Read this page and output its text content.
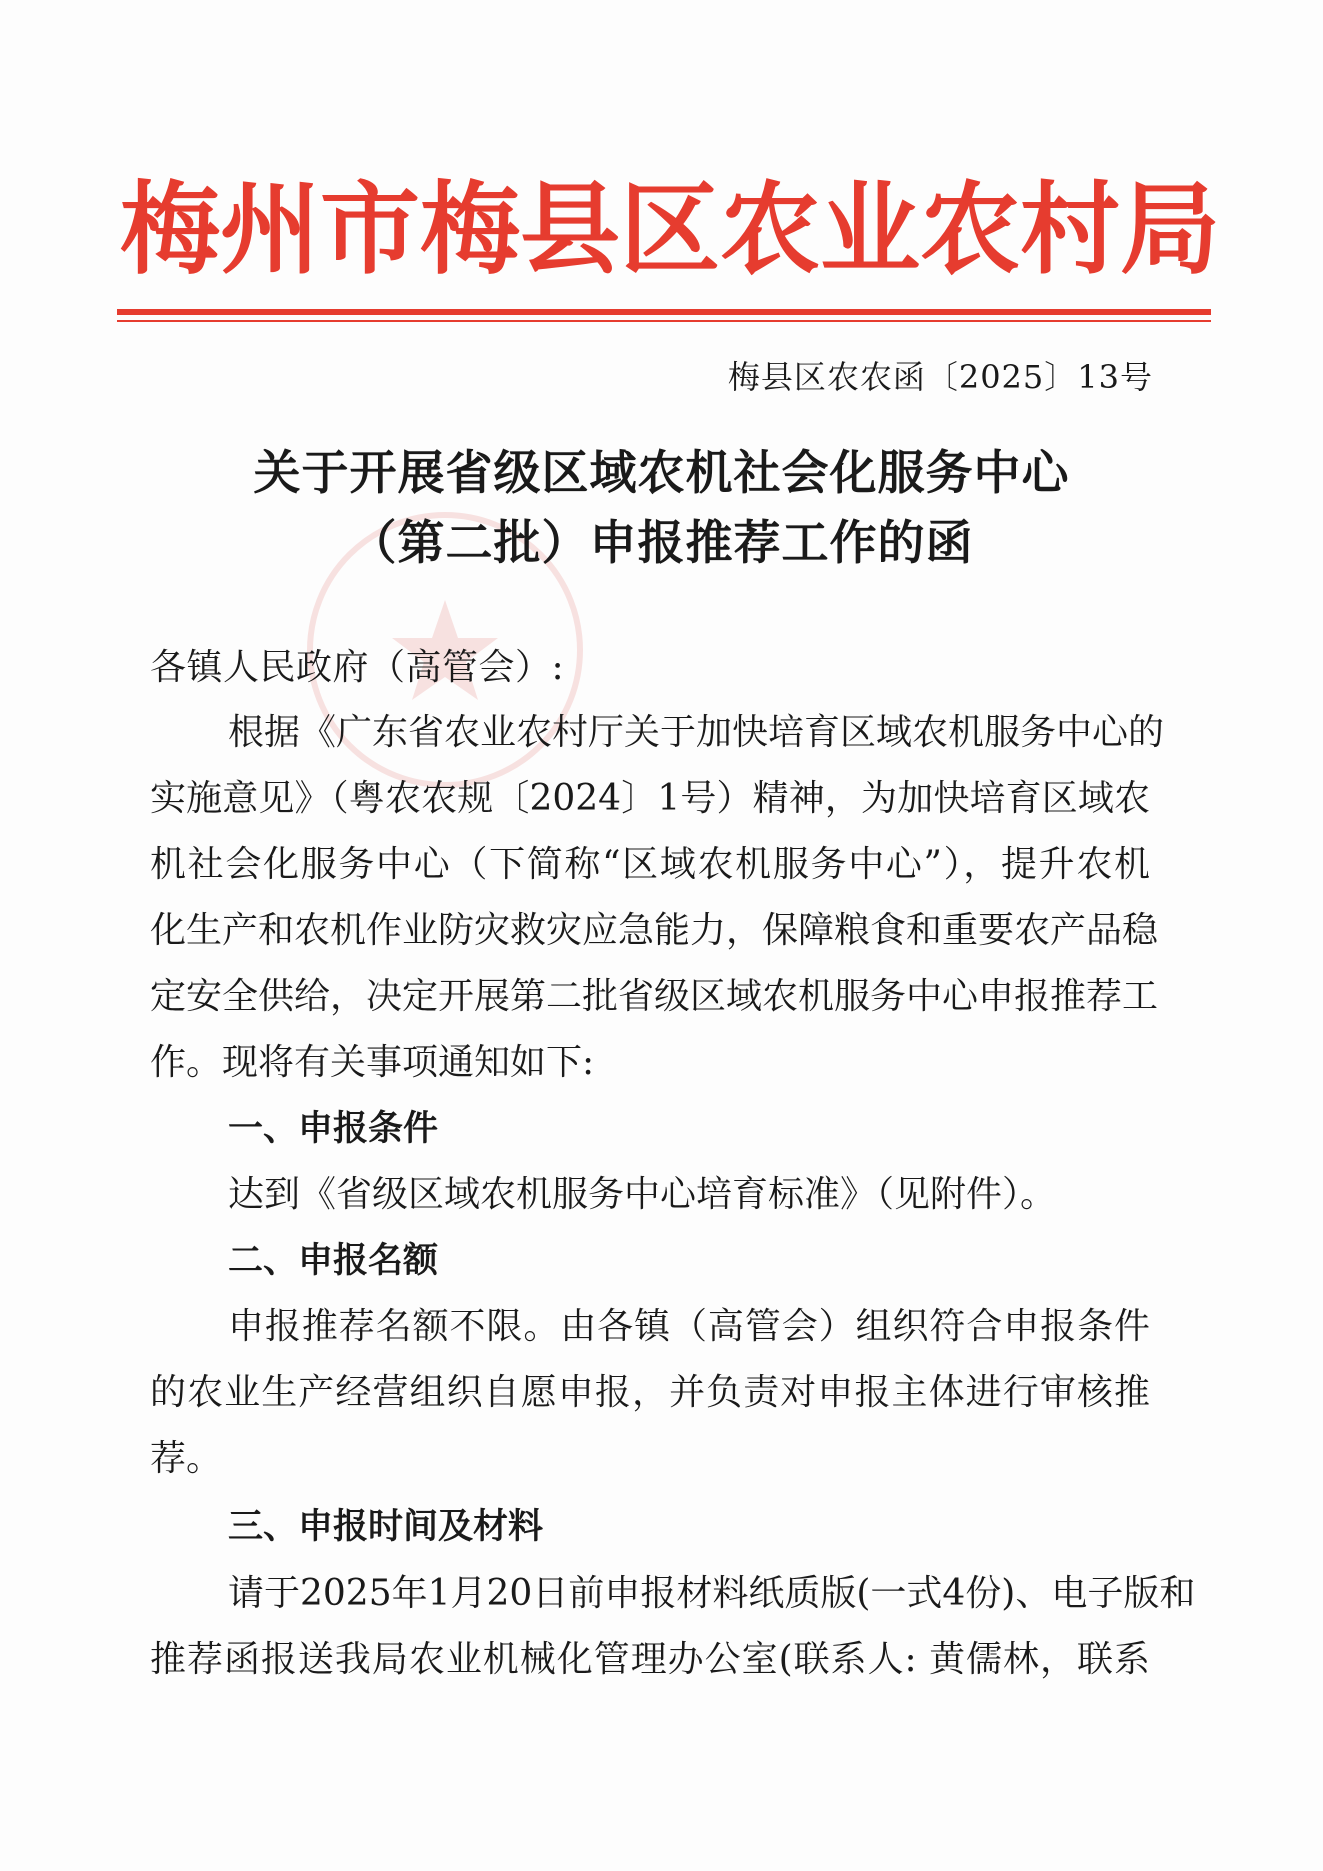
梅 州 市 梅 县 区 农 业 农 村 局
梅县区农农函〔2025〕13号
关于开展省级区域农机社会化服务中心
（第二批）申报推荐工作的函
各镇人民政府（高管会）:
根据《广东省农业农村厅关于加快培育区域农机服务中心的
实施意见》（粤农农规〔2024〕1号）精神，为加快培育区域农
机社会化服务中心（下简称“区域农机服务中心”），提升农机
化生产和农机作业防灾救灾应急能力，保障粮食和重要农产品稳
定安全供给，决定开展第二批省级区域农机服务中心申报推荐工
作。现将有关事项通知如下:
一、申报条件
达到《省级区域农机服务中心培育标准》（见附件）。
二、申报名额
申报推荐名额不限。由各镇（高管会）组织符合申报条件
的农业生产经营组织自愿申报，并负责对申报主体进行审核推
荐。
三、申报时间及材料
请于2025年1月20日前申报材料纸质版(一式4份)、电子版和
推荐函报送我局农业机械化管理办公室(联系人: 黄儒林，联系
